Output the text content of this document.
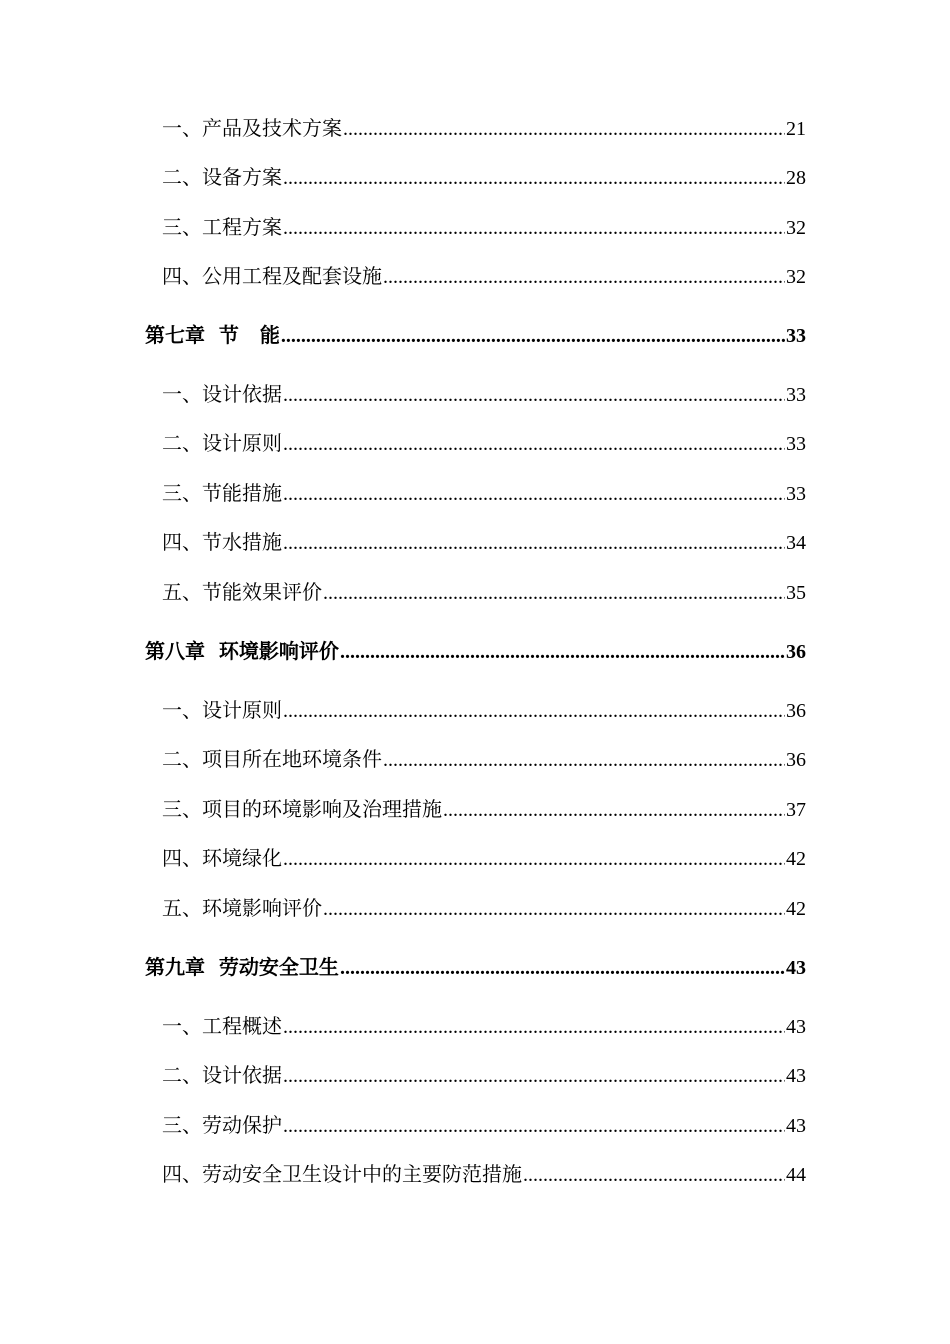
一、产品及技术方案 .....	21
二、设备方案 .....	28
三、工程方案 .....	32
四、公用工程及配套设施 .....	32
第七章  节   能 .....	33
一、设计依据 .....	33
二、设计原则 .....	33
三、节能措施 .....	33
四、节水措施 .....	34
五、节能效果评价 .....	35
第八章  环境影响评价 .....	36
一、设计原则 .....	36
二、项目所在地环境条件 .....	36
三、项目的环境影响及治理措施 .....	37
四、环境绿化 .....	42
五、环境影响评价 .....	42
第九章  劳动安全卫生 .....	43
一、工程概述 .....	43
二、设计依据 .....	43
三、劳动保护 .....	43
四、劳动安全卫生设计中的主要防范措施 .....	44
